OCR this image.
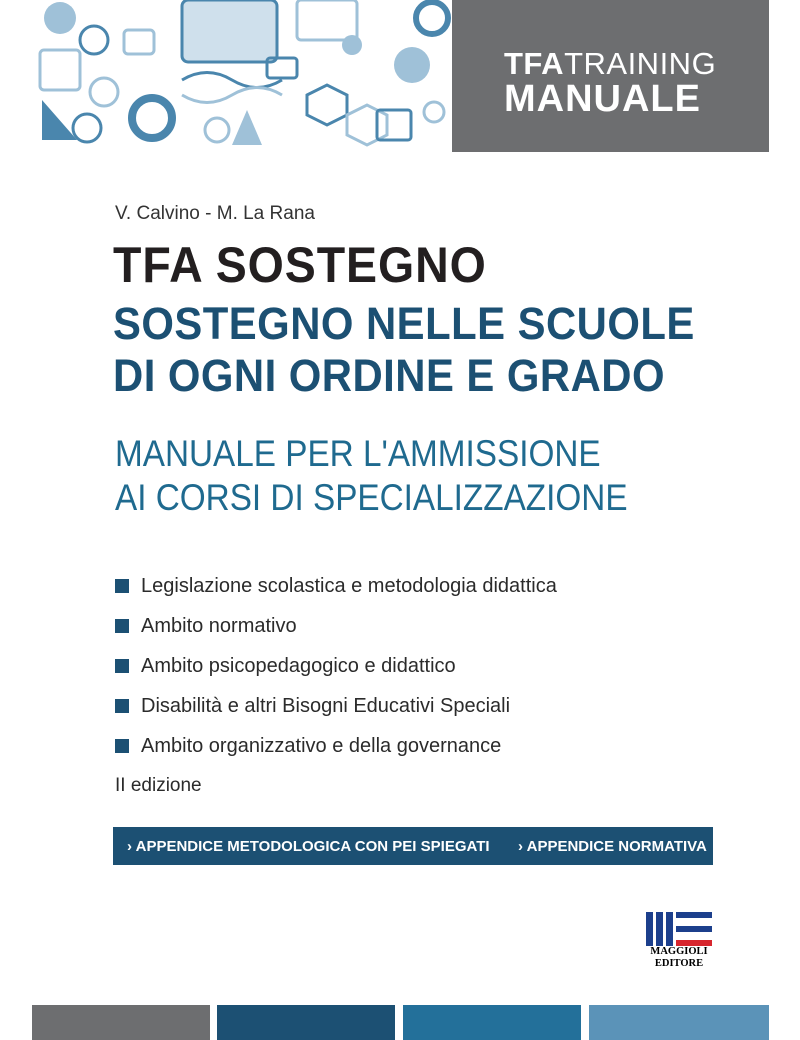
TFATRAINING
MANUALE
V. Calvino - M. La Rana
TFA SOSTEGNO
SOSTEGNO NELLE SCUOLE
DI OGNI ORDINE E GRADO
MANUALE PER L'AMMISSIONE
AI CORSI DI SPECIALIZZAZIONE
Legislazione scolastica e metodologia didattica
Ambito normativo
Ambito psicopedagogico e didattico
Disabilità e altri Bisogni Educativi Speciali
Ambito organizzativo e della governance
II edizione
› APPENDICE METODOLOGICA CON PEI SPIEGATI › APPENDICE NORMATIVA
MAGGIOLI
EDITORE
